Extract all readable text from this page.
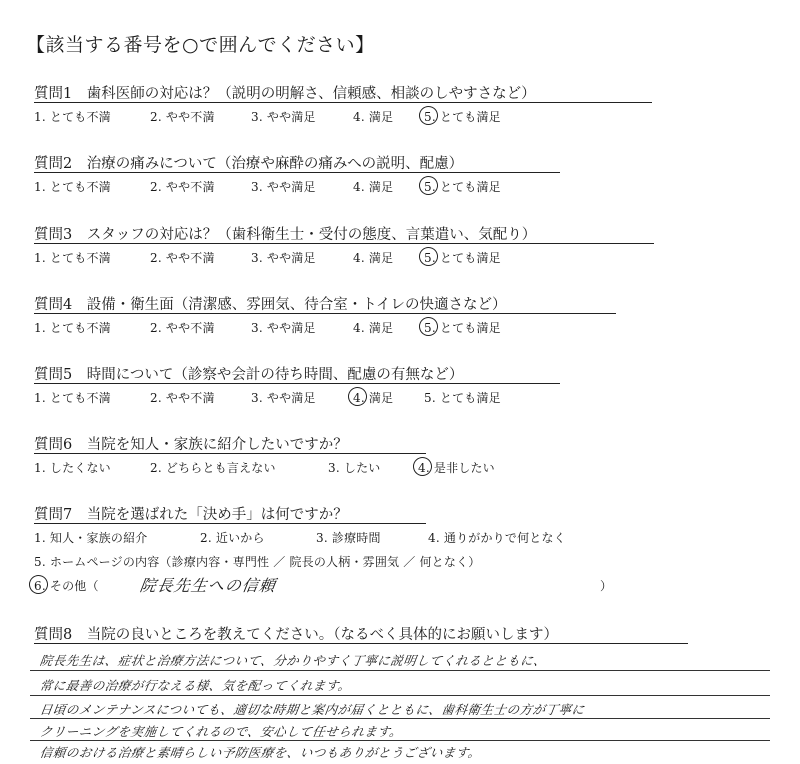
【該当する番号を○で囲んでください】
質問1　歯科医師の対応は？（説明の明解さ、信頼感、相談のしやすさなど）
1. とても不満	2. やや不満	3. やや満足	4. 満足	5. とても満足
質問2　治療の痛みについて（治療や麻酔の痛みへの説明、配慮）
1. とても不満	2. やや不満	3. やや満足	4. 満足	5. とても満足
質問3　スタッフの対応は？（歯科衛生士・受付の態度、言葉遣い、気配り）
1. とても不満	2. やや不満	3. やや満足	4. 満足	5. とても満足
質問4　設備・衛生面（清潔感、雰囲気、待合室・トイレの快適さなど）
1. とても不満	2. やや不満	3. やや満足	4. 満足	5. とても満足
質問5　時間について（診察や会計の待ち時間、配慮の有無など）
1. とても不満	2. やや不満	3. やや満足	4. 満足	5. とても満足
質問6　当院を知人・家族に紹介したいですか？
1. したくない	2. どちらとも言えない	3. したい	4. 是非したい
質問7　当院を選ばれた「決め手」は何ですか？
1. 知人・家族の紹介	2. 近いから	3. 診療時間	4. 通りがかりで何となく
5. ホームページの内容（診療内容・専門性 ／ 院長の人柄・雰囲気 ／ 何となく）
6. その他（ 院長先生への信頼	）
質問8　当院の良いところを教えてください。（なるべく具体的にお願いします）
院長先生は、症状と治療方法について、分かりやすく丁寧に説明してくれるとともに、
常に最善の治療が行なえる様、気を配ってくれます。
日頃のメンテナンスについても、適切な時期と案内が届くとともに、歯科衛生士の方が丁寧に
クリーニングを実施してくれるので、安心して任せられます。
信頼のおける治療と素晴らしい予防医療を、いつもありがとうございます。
